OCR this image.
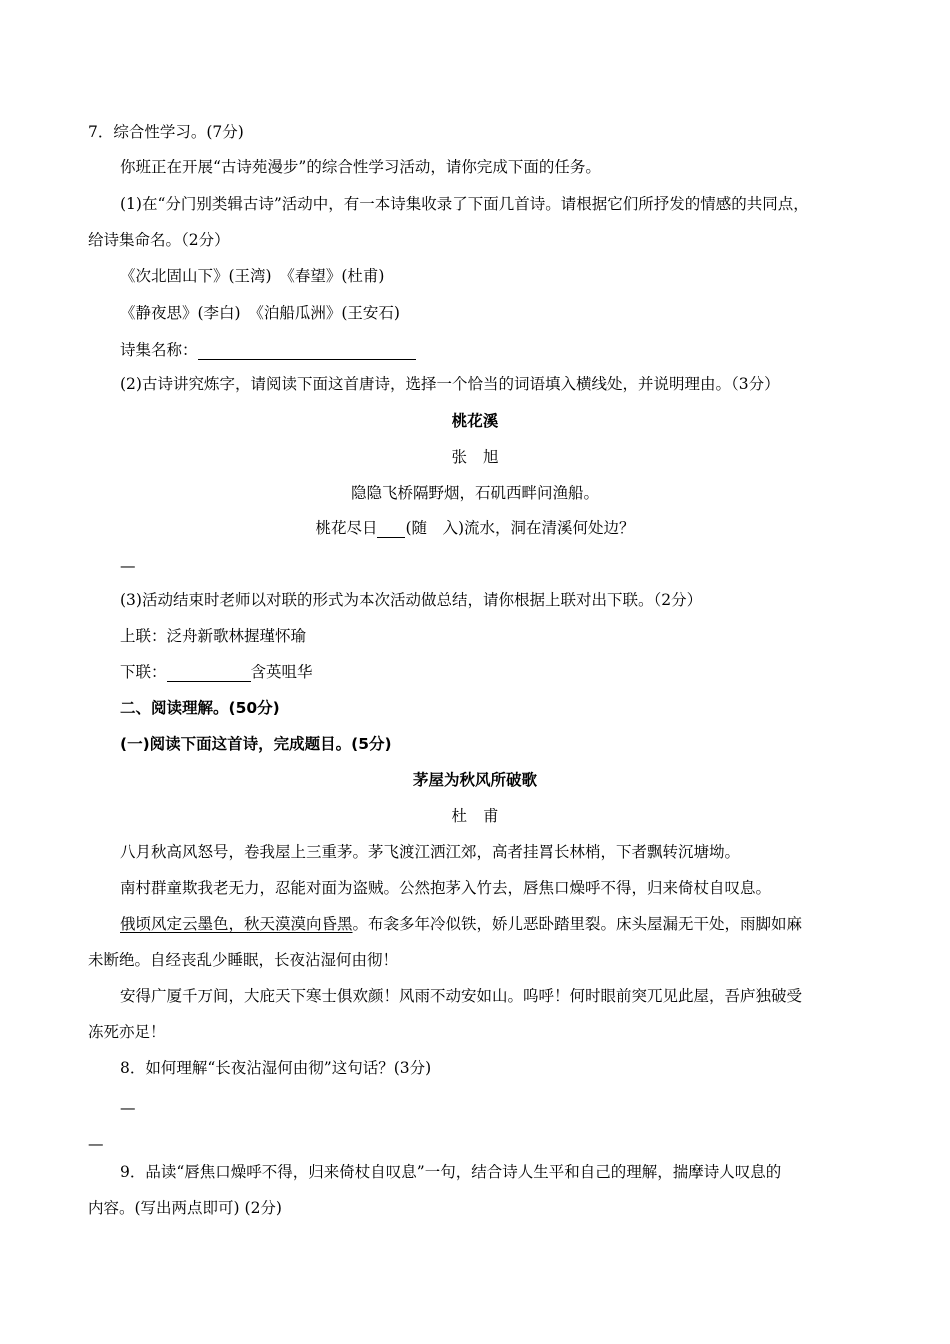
7．综合性学习。(7分)
你班正在开展“古诗苑漫步”的综合性学习活动，请你完成下面的任务。
(1)在“分门别类辑古诗”活动中，有一本诗集收录了下面几首诗。请根据它们所抒发的情感的共同点，
给诗集命名。（2分）
《次北固山下》(王湾)　《春望》(杜甫)
《静夜思》(李白)　《泊船瓜洲》(王安石)
诗集名称：
(2)古诗讲究炼字，请阅读下面这首唐诗，选择一个恰当的词语填入横线处，并说明理由。（3分）
桃花溪
张旭
隐隐飞桥隔野烟，石矶西畔问渔船。
桃花尽日 (随　入)流水，洞在清溪何处边？
—
(3)活动结束时老师以对联的形式为本次活动做总结，请你根据上联对出下联。（2分）
上联：泛舟新歌林握瑾怀瑜
下联：	含英咀华
二、阅读理解。(50分)
(一)阅读下面这首诗，完成题目。(5分)
茅屋为秋风所破歌
杜甫
八月秋高风怒号，卷我屋上三重茅。茅飞渡江洒江郊，高者挂罥长林梢，下者飘转沉塘坳。
南村群童欺我老无力，忍能对面为盗贼。公然抱茅入竹去，唇焦口燥呼不得，归来倚杖自叹息。
俄顷风定云墨色，秋天漠漠向昏黑。布衾多年冷似铁，娇儿恶卧踏里裂。床头屋漏无干处，雨脚如麻
未断绝。自经丧乱少睡眠，长夜沾湿何由彻！
安得广厦千万间，大庇天下寒士俱欢颜！风雨不动安如山。呜呼！何时眼前突兀见此屋，吾庐独破受
冻死亦足！
8．如何理解“长夜沾湿何由彻”这句话？(3分)
—
—
9．品读“唇焦口燥呼不得，归来倚杖自叹息”一句，结合诗人生平和自己的理解，揣摩诗人叹息的
内容。(写出两点即可) (2分)
